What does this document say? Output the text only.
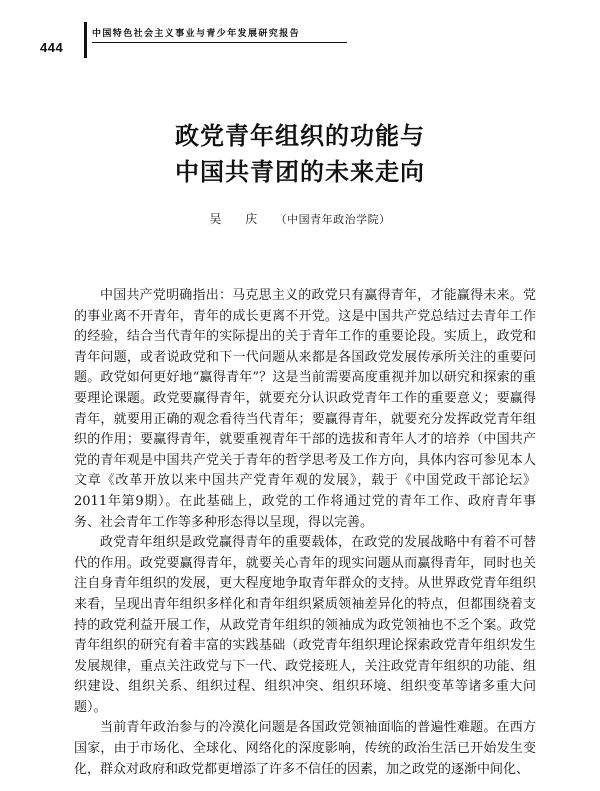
444
中国特色社会主义事业与青少年发展研究报告
政党青年组织的功能与
中国共青团的未来走向
吴 庆 （中国青年政治学院）

中国共产党明确指出：马克思主义的政党只有赢得青年，才能赢得未来。党的事业离不开青年，青年的成长更离不开党。这是中国共产党总结过去青年工作的经验，结合当代青年的实际提出的关于青年工作的重要论段。实质上，政党和青年问题，或者说政党和下一代问题从来都是各国政党发展传承所关注的重要问题。政党如何更好地“赢得青年”？这是当前需要高度重视并加以研究和探索的重要理论课题。政党要赢得青年，就要充分认识政党青年工作的重要意义；要赢得青年，就要用正确的观念看待当代青年；要赢得青年，就要充分发挥政党青年组织的作用；要赢得青年，就要重视青年干部的选拔和青年人才的培养（中国共产党的青年观是中国共产党关于青年的哲学思考及工作方向，具体内容可参见本人文章《改革开放以来中国共产党青年观的发展》，载于《中国党政干部论坛》2011年第9期）。在此基础上，政党的工作将通过党的青年工作、政府青年事务、社会青年工作等多种形态得以呈现，得以完善。

政党青年组织是政党赢得青年的重要载体，在政党的发展战略中有着不可替代的作用。政党要赢得青年，就要关心青年的现实问题从而赢得青年，同时也关注自身青年组织的发展，更大程度地争取青年群众的支持。从世界政党青年组织来看，呈现出青年组织多样化和青年组织紧质领袖差异化的特点，但都围绕着支持的政党利益开展工作，从政党青年组织的领袖成为政党领袖也不乏个案。政党青年组织的研究有着丰富的实践基础（政党青年组织理论探索政党青年组织发生发展规律，重点关注政党与下一代、政党接班人，关注政党青年组织的功能、组织建设、组织关系、组织过程、组织冲突、组织环境、组织变革等诸多重大问题）。

当前青年政治参与的冷漠化问题是各国政党领袖面临的普遍性难题。在西方国家，由于市场化、全球化、网络化的深度影响，传统的政治生活已开始发生变化，群众对政府和政党都更增添了许多不信任的因素，加之政党的逐渐中间化、
